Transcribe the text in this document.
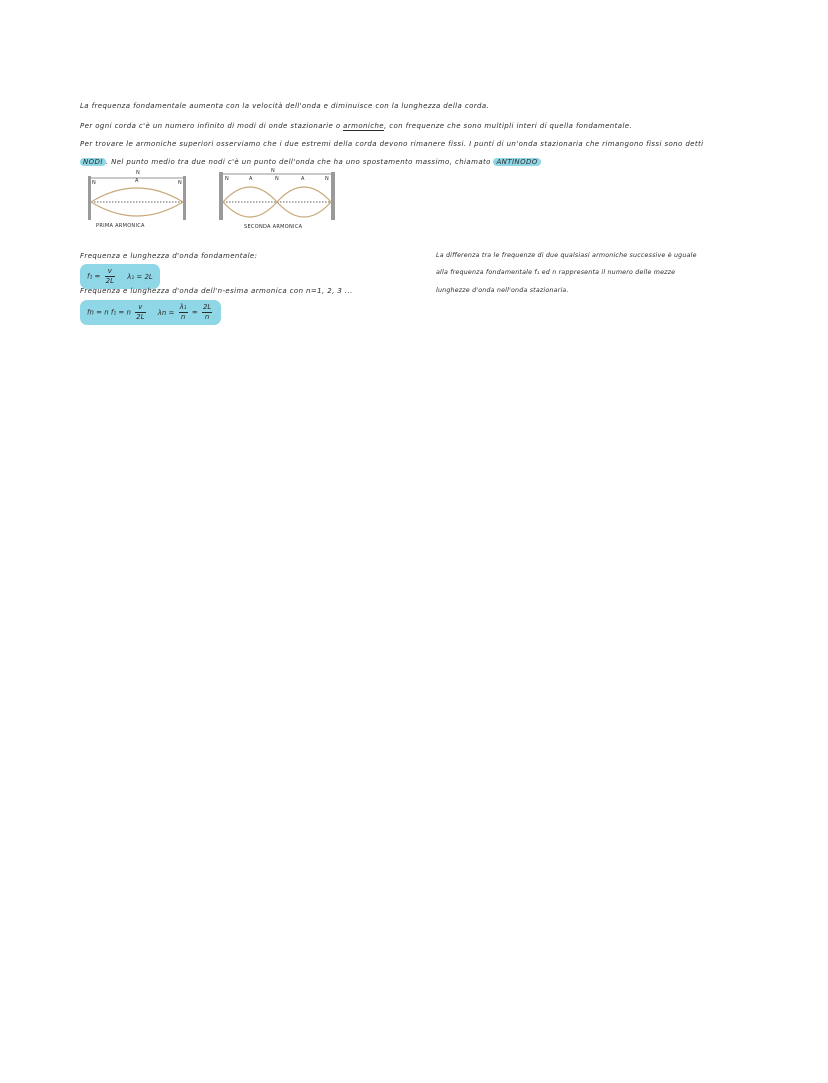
La frequenza fondamentale aumenta con la velocità dell'onda e diminuisce con la lunghezza della corda.
Per ogni corda c'è un numero infinito di modi di onde stazionarie o armoniche, con frequenze che sono multipli interi di quella fondamentale.
Per trovare le armoniche superiori osserviamo che i due estremi della corda devono rimanere fissi. I punti di un'onda stazionaria che rimangono fissi sono detti
NODI . Nel punto medio tra due nodi c'è un punto dell'onda che ha uno spostamento massimo, chiamato ANTINODO
N	A	N
N
PRIMA ARMONICA
N	A	N	A	N
N
SECONDA ARMONICA
Frequenza e lunghezza d'onda fondamentale:
$f_1 = \frac{v}{2L} \lambda_1 = 2L$
Frequenza e lunghezza d'onda dell'n-esima armonica con n=1, 2, 3 ...
fn = n f₁ = n $\frac{v}{2L}$ $\lambda n = \frac{\text{λ₁}}{n} = \frac{2L}{n}$
La differenza tra le frequenze di due qualsiasi armoniche successive è uguale
alla frequenza fondamentale f₁ ed n rappresenta il numero delle mezze
lunghezze d'onda nell'onda stazionaria.
